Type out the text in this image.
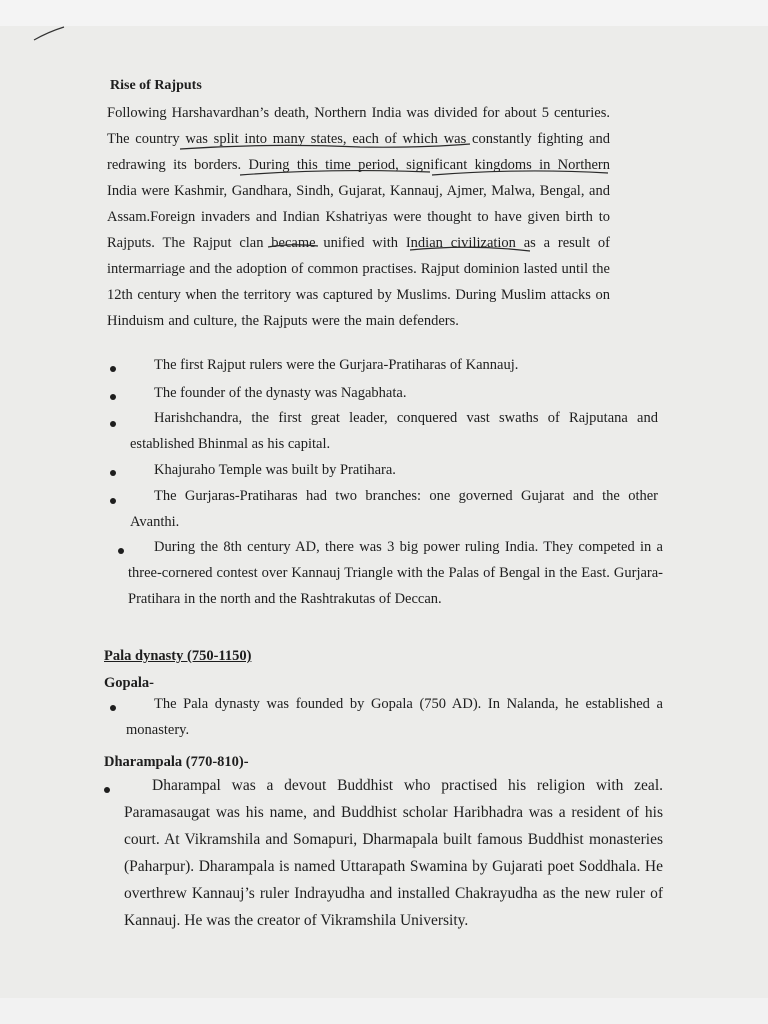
Rise of Rajputs

Following Harshavardhan’s death, Northern India was divided for about 5 centuries. The country was split into many states, each of which was constantly fighting and redrawing its borders. During this time period, significant kingdoms in Northern India were Kashmir, Gandhara, Sindh, Gujarat, Kannauj, Ajmer, Malwa, Bengal, and Assam.Foreign invaders and Indian Kshatriyas were thought to have given birth to Rajputs. The Rajput clan became unified with Indian civilization as a result of intermarriage and the adoption of common practises. Rajput dominion lasted until the 12th century when the territory was captured by Muslims. During Muslim attacks on Hinduism and culture, the Rajputs were the main defenders.

The first Rajput rulers were the Gurjara-Pratiharas of Kannauj.

The founder of the dynasty was Nagabhata.

Harishchandra, the first great leader, conquered vast swaths of Rajputana and established Bhinmal as his capital.

Khajuraho Temple was built by Pratihara.

The Gurjaras-Pratiharas had two branches: one governed Gujarat and the other Avanthi.

During the 8th century AD, there was 3 big power ruling India. They competed in a three-cornered contest over Kannauj Triangle with the Palas of Bengal in the East. Gurjara-Pratihara in the north and the Rashtrakutas of Deccan.

Pala dynasty (750-1150)
Gopala-

The Pala dynasty was founded by Gopala (750 AD). In Nalanda, he established a monastery.

Dharampala (770-810)-

Dharampal was a devout Buddhist who practised his religion with zeal. Paramasaugat was his name, and Buddhist scholar Haribhadra was a resident of his court. At Vikramshila and Somapuri, Dharmapala built famous Buddhist monasteries (Paharpur). Dharampala is named Uttarapath Swamina by Gujarati poet Soddhala. He overthrew Kannauj’s ruler Indrayudha and installed Chakrayudha as the new ruler of Kannauj. He was the creator of Vikramshila University.
